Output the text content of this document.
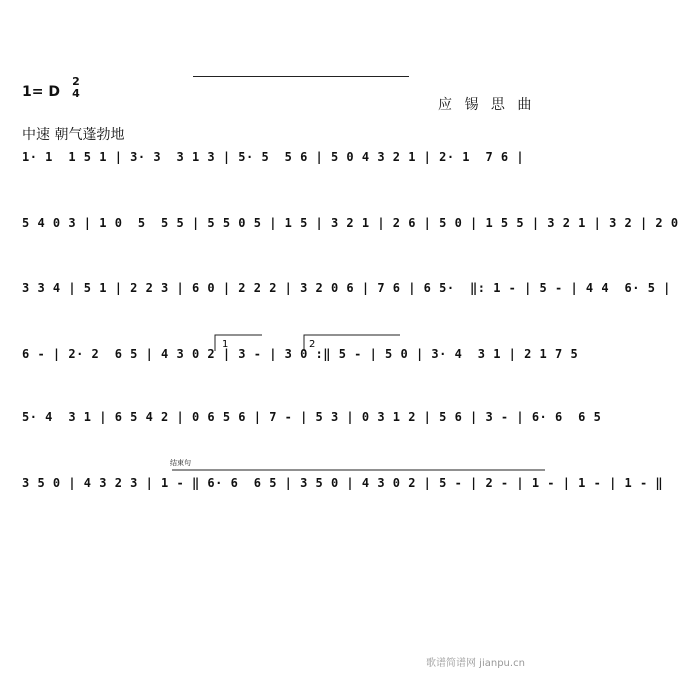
1= D
2
4
应 锡 思 曲
中速 朝气蓬勃地
1· 1  1 5 1 | 3· 3  3 1 3 | 5· 5  5 6 | 5 0 4 3 2 1 | 2· 1  7 6 |
5 4 0 3 | 1 0  5  5 5 | 5 5 0 5 | 1 5 | 3 2 1 | 2 6 | 5 0 | 1 5 5 | 3 2 1 | 3 2 | 2 0
3 3 4 | 5 1 | 2 2 3 | 6 0 | 2 2 2 | 3 2 0 6 | 7 6 | 6 5·  ‖: 1 - | 5 - | 4 4  6· 5 |
1	2
6 - | 2· 2  6 5 | 4 3 0 2 | 3 - | 3 0 :‖ 5 - | 5 0 | 3· 4  3 1 | 2 1 7 5
5· 4  3 1 | 6 5 4 2 | 0 6 5 6 | 7 - | 5 3 | 0 3 1 2 | 5 6 | 3 - | 6· 6  6 5
3 5 0 | 4 3 2 3 | 1 - ‖ 6· 6  6 5 | 3 5 0 | 4 3 0 2 | 5 - | 2 - | 1 - | 1 - | 1 - ‖
结束句
歌谱简谱网 jianpu.cn
